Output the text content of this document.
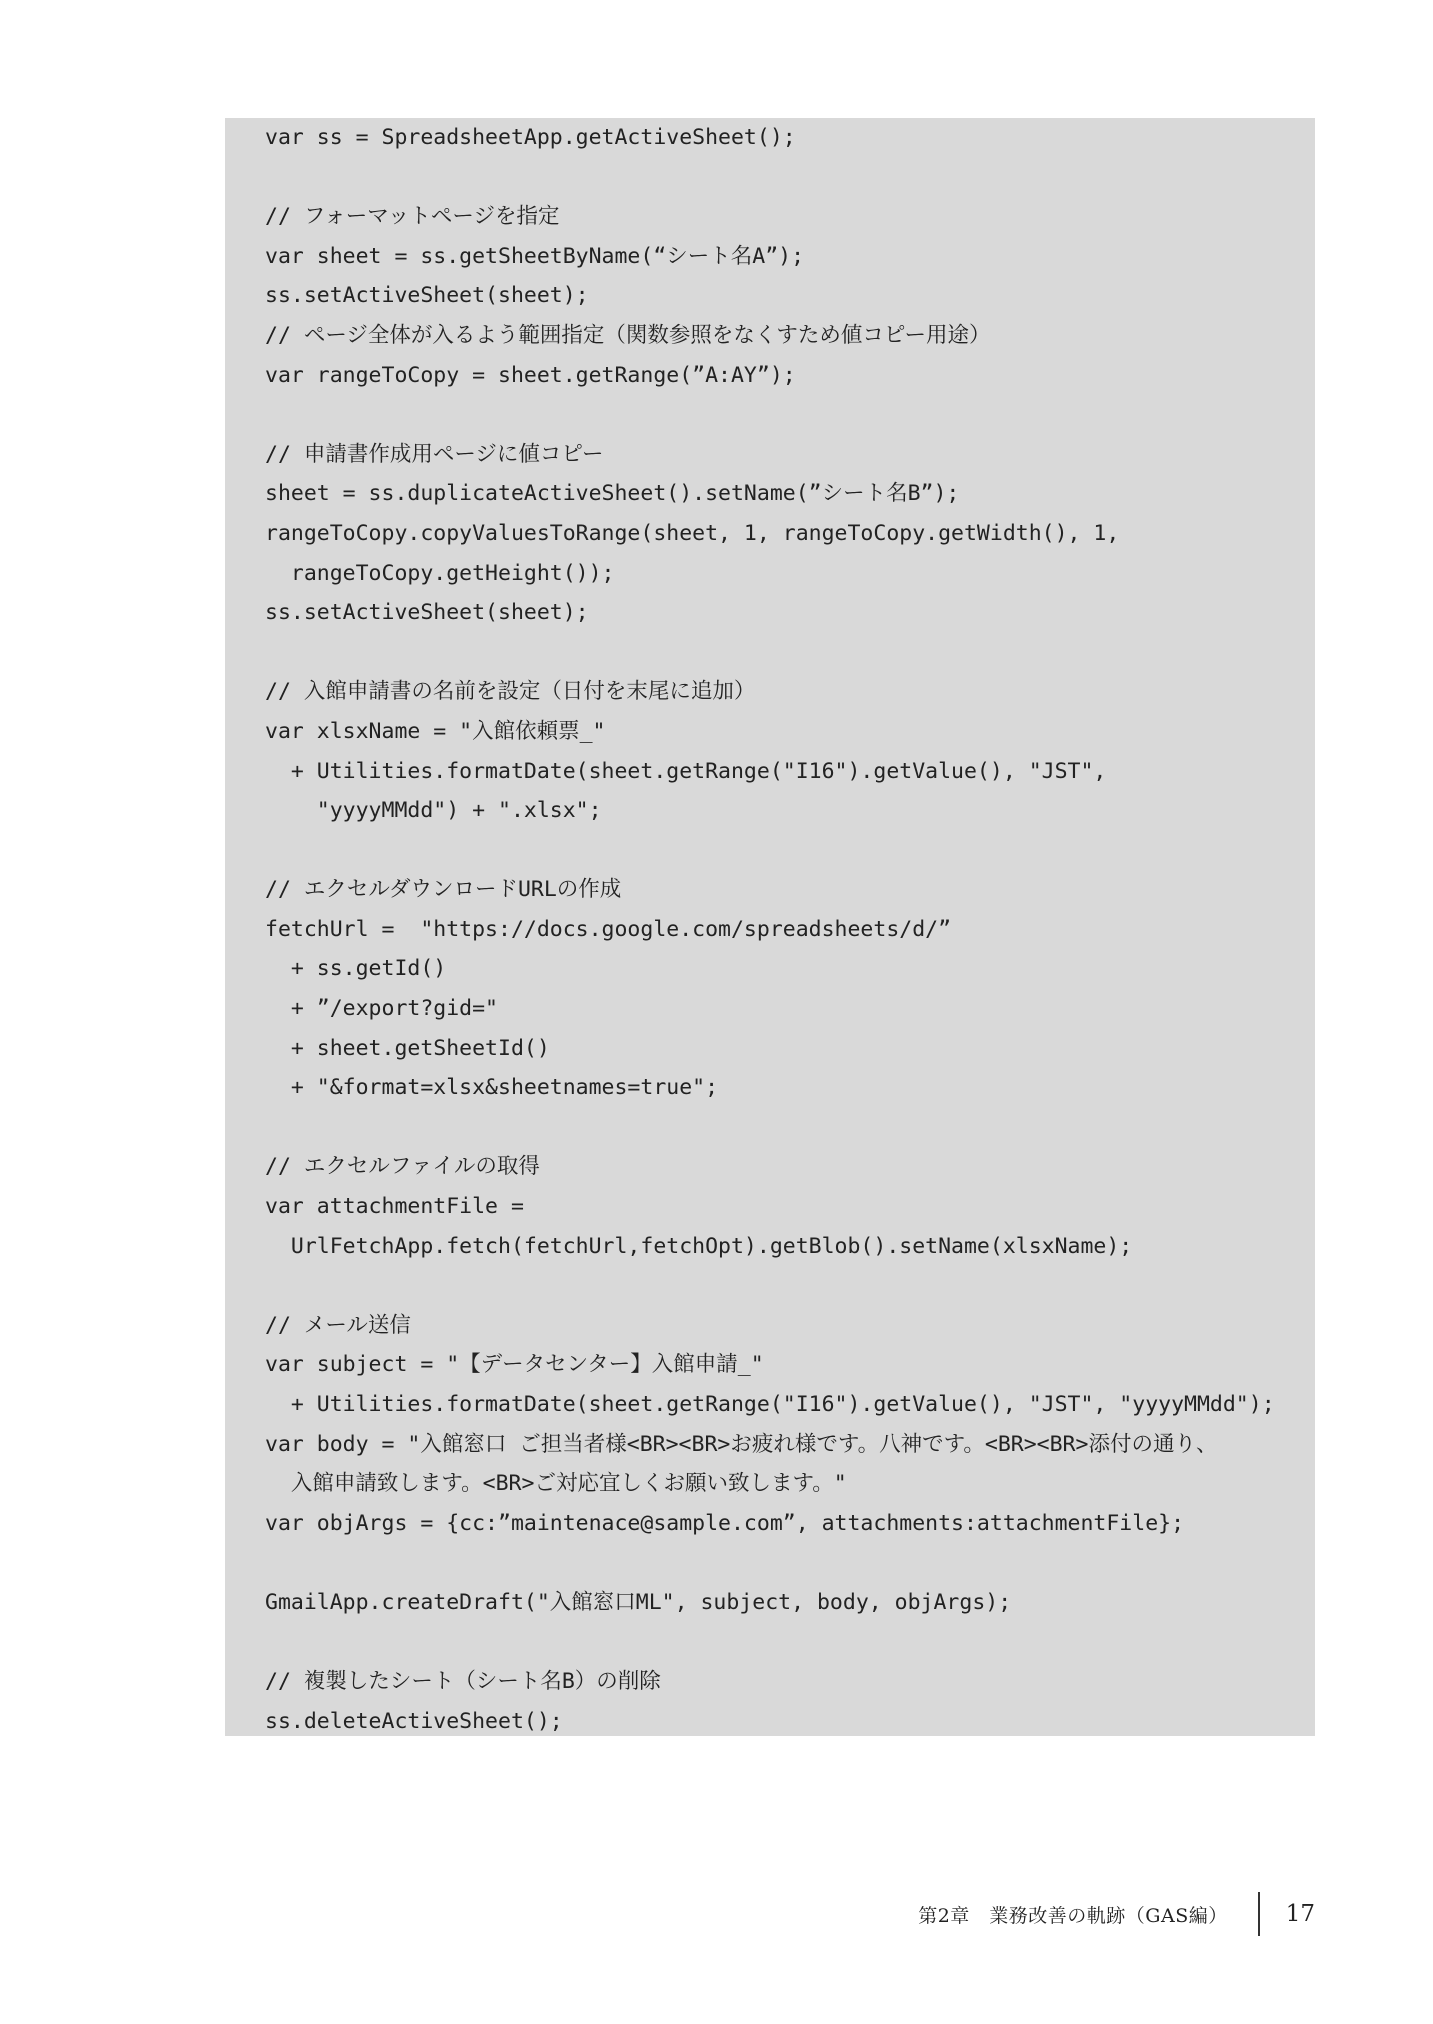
var ss = SpreadsheetApp.getActiveSheet();
// フォーマットページを指定
var sheet = ss.getSheetByName(“シート名A”);
ss.setActiveSheet(sheet);
// ページ全体が入るよう範囲指定（関数参照をなくすため値コピー用途）
var rangeToCopy = sheet.getRange(”A:AY”);
// 申請書作成用ページに値コピー
sheet = ss.duplicateActiveSheet().setName(”シート名B”);
rangeToCopy.copyValuesToRange(sheet, 1, rangeToCopy.getWidth(), 1,
rangeToCopy.getHeight());
ss.setActiveSheet(sheet);
// 入館申請書の名前を設定（日付を末尾に追加）
var xlsxName = "入館依頼票_"
+ Utilities.formatDate(sheet.getRange("I16").getValue(), "JST",
"yyyyMMdd") + ".xlsx";
// エクセルダウンロードURLの作成
fetchUrl =  "https://docs.google.com/spreadsheets/d/”
+ ss.getId()
+ ”/export?gid="
+ sheet.getSheetId()
+ "&format=xlsx&sheetnames=true";
// エクセルファイルの取得
var attachmentFile =
UrlFetchApp.fetch(fetchUrl,fetchOpt).getBlob().setName(xlsxName);
// メール送信
var subject = "【データセンター】入館申請_"
+ Utilities.formatDate(sheet.getRange("I16").getValue(), "JST", "yyyyMMdd");
var body = "入館窓口 ご担当者様<BR><BR>お疲れ様です。八神です。<BR><BR>添付の通り、
入館申請致します。<BR>ご対応宜しくお願い致します。"
var objArgs = {cc:”maintenace@sample.com”, attachments:attachmentFile};
GmailApp.createDraft("入館窓口ML", subject, body, objArgs);
// 複製したシート（シート名B）の削除
ss.deleteActiveSheet();
第2章　業務改善の軌跡（GAS編）	17
